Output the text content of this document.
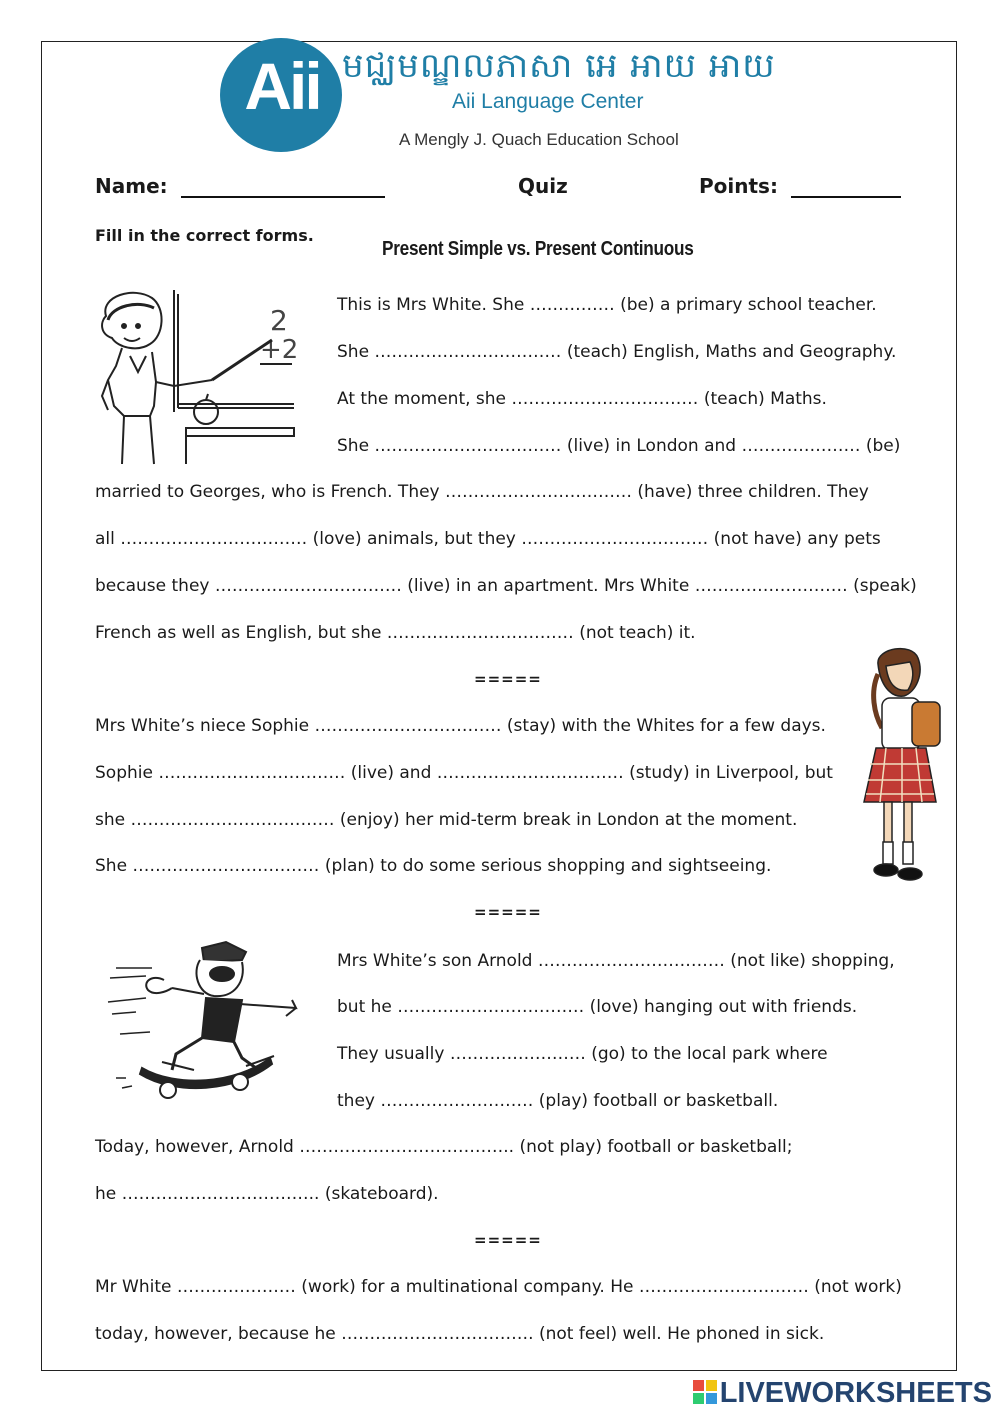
Aii មជ្ឈមណ្ឌលភាសា អេ អាយ អាយ
Aii Language Center
A Mengly J. Quach Education School
Name:	Quiz	Points:
Fill in the correct forms.
Present Simple vs. Present Continuous
2
+2
This is Mrs White. She …………… (be) a primary school teacher.
She …………………………… (teach) English, Maths and Geography.
At the moment, she …………………………… (teach) Maths.
She …………………………… (live) in London and ………………… (be)
married to Georges, who is French. They …………………………… (have) three children. They
all …………………………… (love) animals, but they …………………………… (not have) any pets
because they …………………………… (live) in an apartment. Mrs White ……………………… (speak)
French as well as English, but she …………………………… (not teach) it.
=====
Mrs White’s niece Sophie …………………………… (stay) with the Whites for a few days.
Sophie …………………………… (live) and …………………………… (study) in Liverpool, but
she ……………………………… (enjoy) her mid-term break in London at the moment.
She …………………………… (plan) to do some serious shopping and sightseeing.
=====
Mrs White’s son Arnold …………………………… (not like) shopping,
but he …………………………… (love) hanging out with friends.
They usually …………………… (go) to the local park where
they ……………………… (play) football or basketball.
Today, however, Arnold ……………………………….. (not play) football or basketball;
he …………………………….. (skateboard).
=====
Mr White ………………… (work) for a multinational company. He ………………………… (not work)
today, however, because he ……………………………. (not feel) well. He phoned in sick.
LIVEWORKSHEETS
